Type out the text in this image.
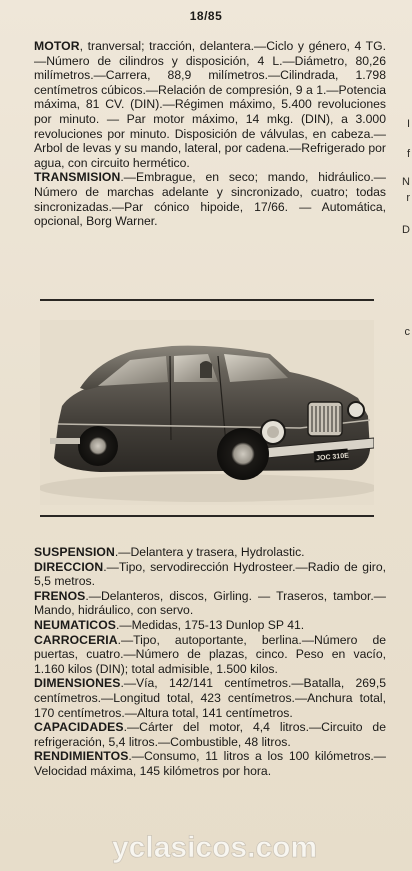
18/85

MOTOR, tranversal; tracción, delantera.—Ciclo y género, 4 TG.—Número de cilindros y disposición, 4 L.—Diámetro, 80,26 milímetros.—Carrera, 88,9 milímetros.—Cilindrada, 1.798 centímetros cúbicos.—Relación de compresión, 9 a 1.—Potencia máxima, 81 CV. (DIN).—Régimen máximo, 5.400 revoluciones por minuto. — Par motor máximo, 14 mkg. (DIN), a 3.000 revoluciones por minuto. Disposición de válvulas, en cabeza.—Arbol de levas y su mando, lateral, por cadena.—Refrigerado por agua, con circuito hermético.

TRANSMISION.—Embrague, en seco; mando, hidráulico.—Número de marchas adelante y sincronizado, cuatro; todas sincronizadas.—Par cónico hipoide, 17/66. — Automática, opcional, Borg Warner.

JOC 310E

SUSPENSION.—Delantera y trasera, Hydrolastic.

DIRECCION.—Tipo, servodirección Hydrosteer.—Radio de giro, 5,5 metros.

FRENOS.—Delanteros, discos, Girling. — Traseros, tambor.—Mando, hidráulico, con servo.

NEUMATICOS.—Medidas, 175-13 Dunlop SP 41.

CARROCERIA.—Tipo, autoportante, berlina.—Número de puertas, cuatro.—Número de plazas, cinco. Peso en vacío, 1.160 kilos (DIN); total admisible, 1.500 kilos.

DIMENSIONES.—Vía, 142/141 centímetros.—Batalla, 269,5 centímetros.—Longitud total, 423 centímetros.—Anchura total, 170 centímetros.—Altura total, 141 centímetros.

CAPACIDADES.—Cárter del motor, 4,4 litros.—Circuito de refrigeración, 5,4 litros.—Combustible, 48 litros.

RENDIMIENTOS.—Consumo, 11 litros a los 100 kilómetros.—Velocidad máxima, 145 kilómetros por hora.

I
f
N
r
D
c
yclasicos.com
